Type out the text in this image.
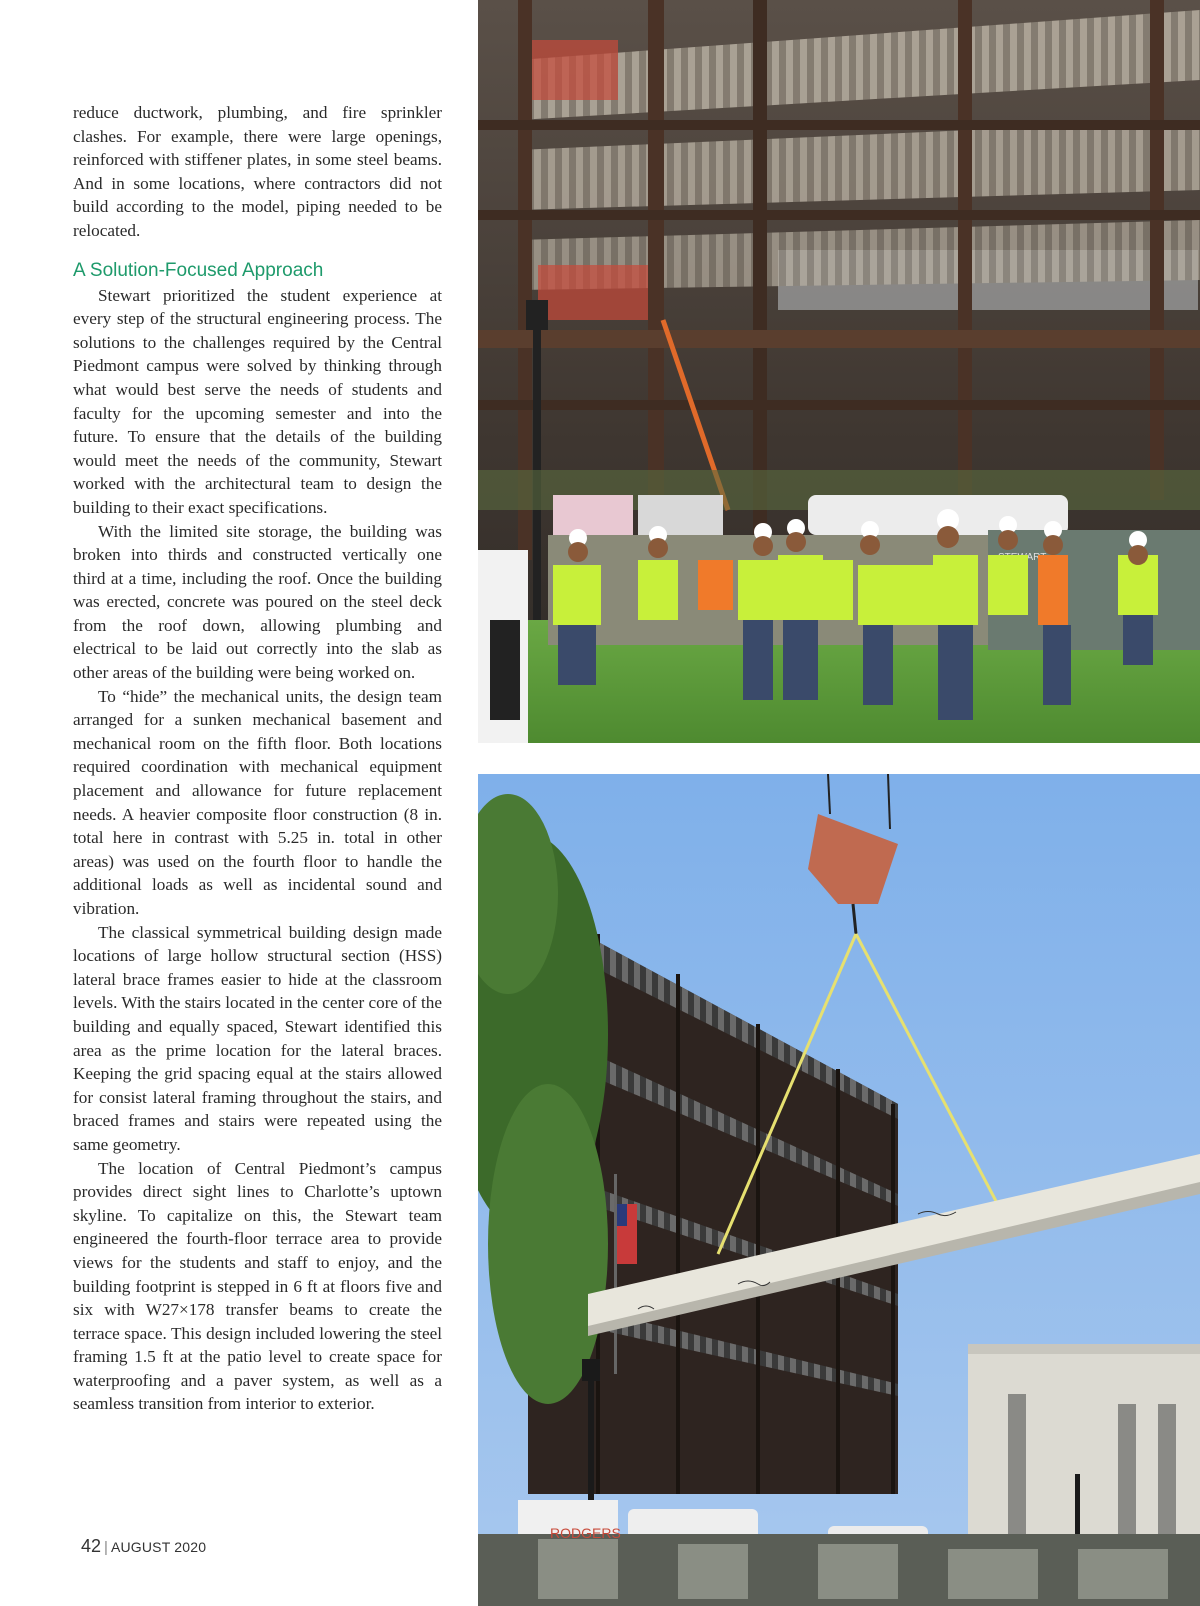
reduce ductwork, plumbing, and fire sprinkler clashes. For example, there were large openings, reinforced with stiffener plates, in some steel beams. And in some locations, where contractors did not build according to the model, piping needed to be relocated.

A Solution-Focused Approach

Stewart prioritized the student experience at every step of the structural engineering process. The solutions to the challenges required by the Central Piedmont campus were solved by thinking through what would best serve the needs of students and faculty for the upcoming semester and into the future. To ensure that the details of the building would meet the needs of the community, Stewart worked with the architectural team to design the building to their exact specifications.

With the limited site storage, the building was broken into thirds and constructed vertically one third at a time, including the roof. Once the building was erected, concrete was poured on the steel deck from the roof down, allowing plumbing and electrical to be laid out correctly into the slab as other areas of the building were being worked on.

To “hide” the mechanical units, the design team arranged for a sunken mechanical basement and mechanical room on the fifth floor. Both locations required coordination with mechanical equipment placement and allowance for future replacement needs. A heavier composite floor construction (8 in. total here in contrast with 5.25 in. total in other areas) was used on the fourth floor to handle the additional loads as well as incidental sound and vibration.

The classical symmetrical building design made locations of large hollow structural section (HSS) lateral brace frames easier to hide at the classroom levels. With the stairs located in the center core of the building and equally spaced, Stewart identified this area as the prime location for the lateral braces. Keeping the grid spacing equal at the stairs allowed for consist lateral framing throughout the stairs, and braced frames and stairs were repeated using the same geometry.

The location of Central Piedmont’s campus provides direct sight lines to Charlotte’s uptown skyline. To capitalize on this, the Stewart team engineered the fourth-floor terrace area to provide views for the students and staff to enjoy, and the building footprint is stepped in 6 ft at floors five and six with W27×178 transfer beams to create the terrace space. This design included lowering the steel framing 1.5 ft at the patio level to create space for waterproofing and a paver system, as well as a seamless transition from interior to exterior.

42 | AUGUST 2020
RODGERS
